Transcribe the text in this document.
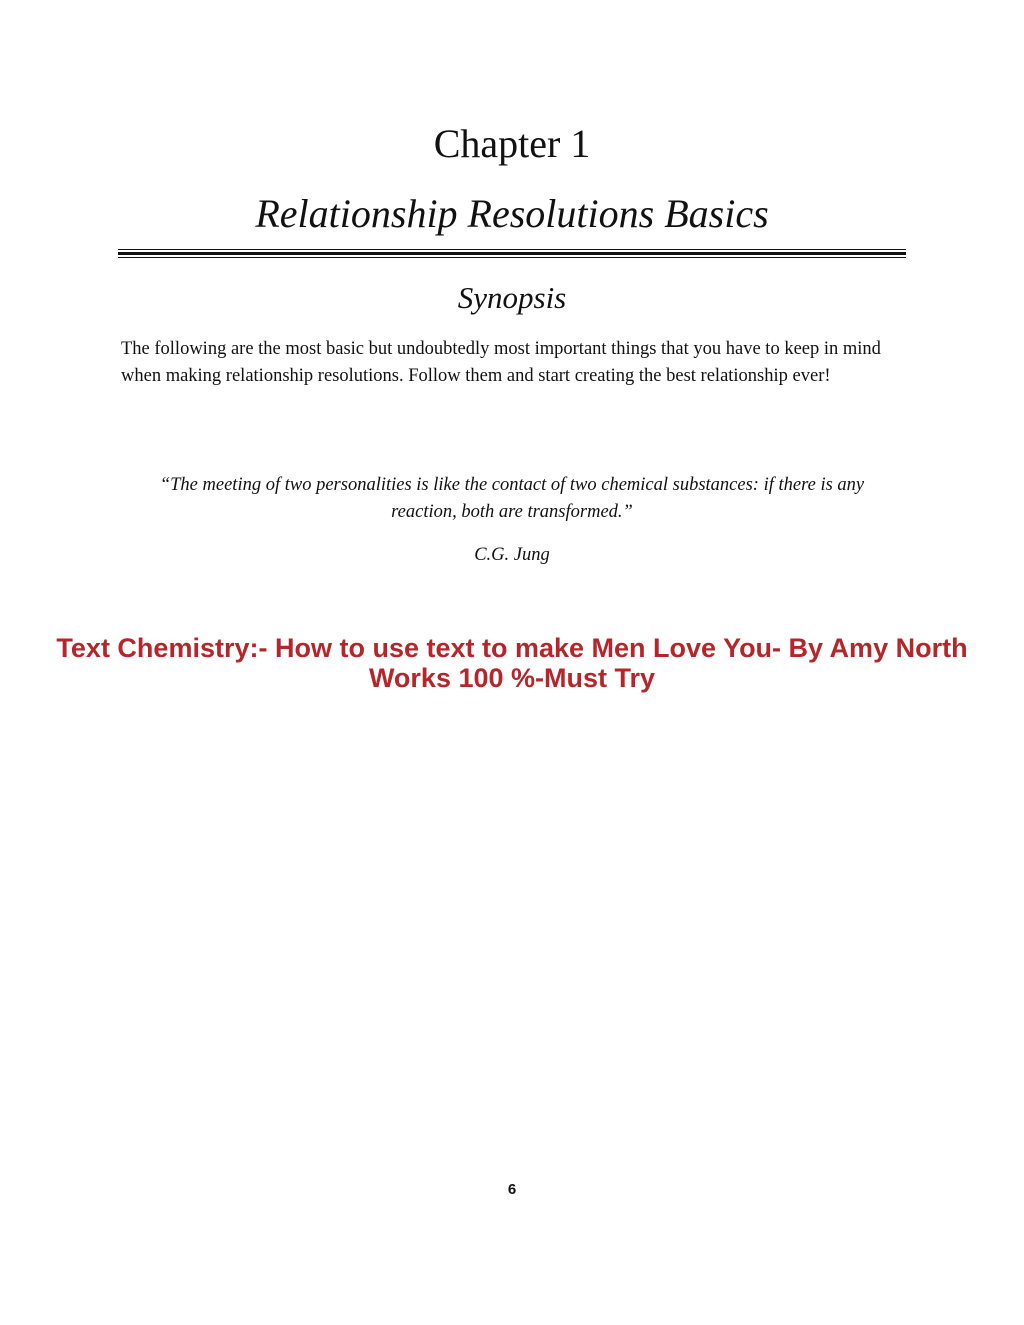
Chapter 1
Relationship Resolutions Basics
Synopsis

The following are the most basic but undoubtedly most important things that you have to keep in mind when making relationship resolutions. Follow them and start creating the best relationship ever!

“The meeting of two personalities is like the contact of two chemical substances: if there is any reaction, both are transformed.”

C.G. Jung

Text Chemistry:- How to use text to make Men Love You- By Amy North Works 100 %-Must Try

6
